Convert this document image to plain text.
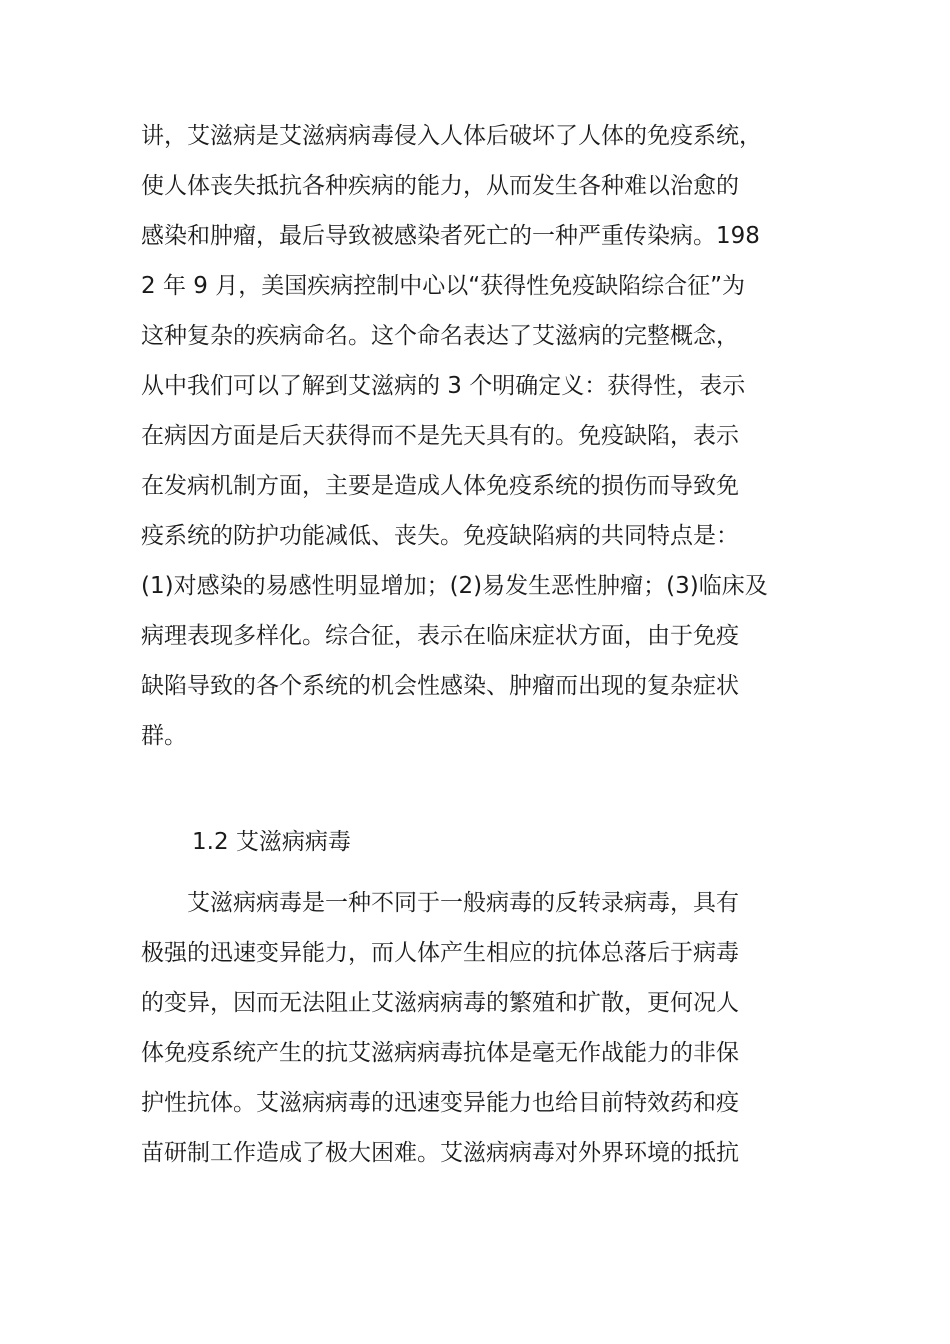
讲，艾滋病是艾滋病病毒侵入人体后破坏了人体的免疫系统，
使人体丧失抵抗各种疾病的能力，从而发生各种难以治愈的
感染和肿瘤，最后导致被感染者死亡的一种严重传染病。198
2 年 9 月，美国疾病控制中心以“获得性免疫缺陷综合征”为
这种复杂的疾病命名。这个命名表达了艾滋病的完整概念，
从中我们可以了解到艾滋病的 3 个明确定义：获得性，表示
在病因方面是后天获得而不是先天具有的。免疫缺陷，表示
在发病机制方面，主要是造成人体免疫系统的损伤而导致免
疫系统的防护功能减低、丧失。免疫缺陷病的共同特点是：
(1)对感染的易感性明显增加；(2)易发生恶性肿瘤；(3)临床及
病理表现多样化。综合征，表示在临床症状方面，由于免疫
缺陷导致的各个系统的机会性感染、肿瘤而出现的复杂症状
群。
1.2 艾滋病病毒
　　艾滋病病毒是一种不同于一般病毒的反转录病毒，具有
极强的迅速变异能力，而人体产生相应的抗体总落后于病毒
的变异，因而无法阻止艾滋病病毒的繁殖和扩散，更何况人
体免疫系统产生的抗艾滋病病毒抗体是毫无作战能力的非保
护性抗体。艾滋病病毒的迅速变异能力也给目前特效药和疫
苗研制工作造成了极大困难。艾滋病病毒对外界环境的抵抗
